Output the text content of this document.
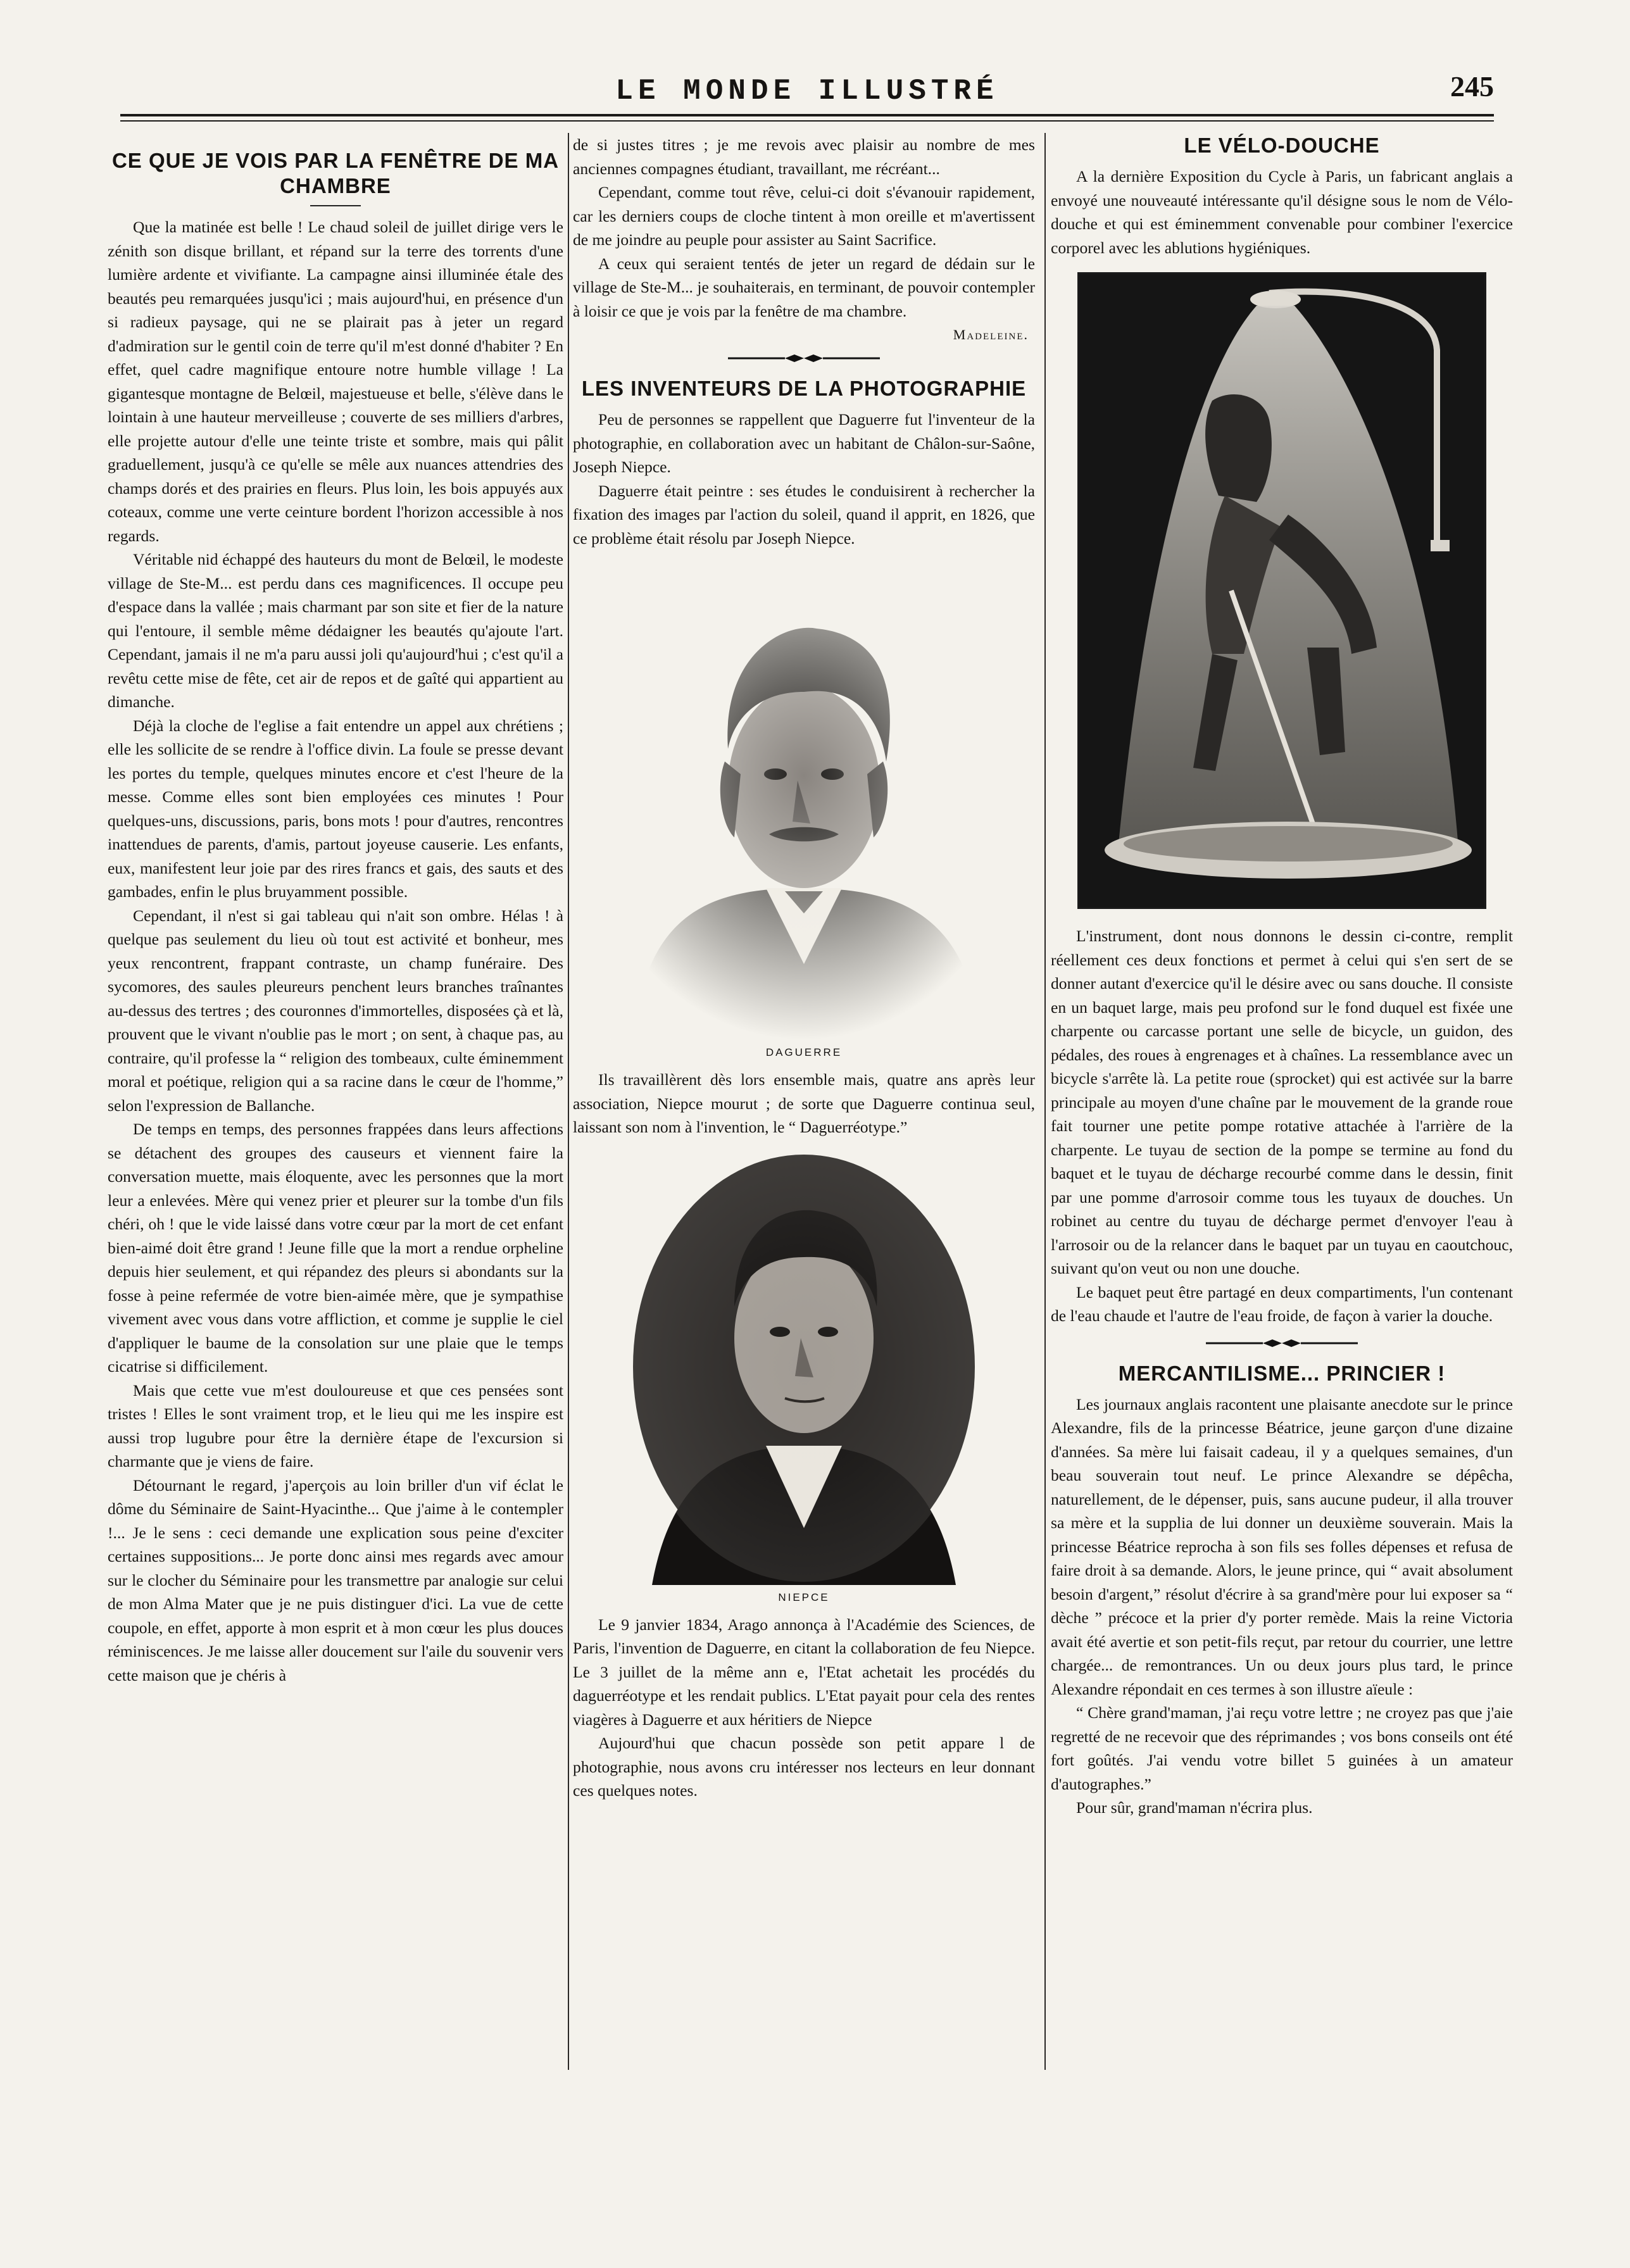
LE MONDE ILLUSTRÉ	245
CE QUE JE VOIS PAR LA FENÊTRE DE MA CHAMBRE

Que la matinée est belle ! Le chaud soleil de juillet dirige vers le zénith son disque brillant, et répand sur la terre des torrents d'une lumière ardente et vivifiante. La campagne ainsi illuminée étale des beautés peu remarquées jusqu'ici ; mais aujourd'hui, en présence d'un si radieux paysage, qui ne se plairait pas à jeter un regard d'admiration sur le gentil coin de terre qu'il m'est donné d'habiter ? En effet, quel cadre magnifique entoure notre humble village ! La gigantesque montagne de Belœil, majestueuse et belle, s'élève dans le lointain à une hauteur merveilleuse ; couverte de ses milliers d'arbres, elle projette autour d'elle une teinte triste et sombre, mais qui pâlit graduellement, jusqu'à ce qu'elle se mêle aux nuances attendries des champs dorés et des prairies en fleurs. Plus loin, les bois appuyés aux coteaux, comme une verte ceinture bordent l'horizon accessible à nos regards.

Véritable nid échappé des hauteurs du mont de Belœil, le modeste village de Ste-M... est perdu dans ces magnificences. Il occupe peu d'espace dans la vallée ; mais charmant par son site et fier de la nature qui l'entoure, il semble même dédaigner les beautés qu'ajoute l'art. Cependant, jamais il ne m'a paru aussi joli qu'aujourd'hui ; c'est qu'il a revêtu cette mise de fête, cet air de repos et de gaîté qui appartient au dimanche.

Déjà la cloche de l'eglise a fait entendre un appel aux chrétiens ; elle les sollicite de se rendre à l'office divin. La foule se presse devant les portes du temple, quelques minutes encore et c'est l'heure de la messe. Comme elles sont bien employées ces minutes ! Pour quelques-uns, discussions, paris, bons mots ! pour d'autres, rencontres inattendues de parents, d'amis, partout joyeuse causerie. Les enfants, eux, manifestent leur joie par des rires francs et gais, des sauts et des gambades, enfin le plus bruyamment possible.

Cependant, il n'est si gai tableau qui n'ait son ombre. Hélas ! à quelque pas seulement du lieu où tout est activité et bonheur, mes yeux rencontrent, frappant contraste, un champ funéraire. Des sycomores, des saules pleureurs penchent leurs branches traînantes au-dessus des tertres ; des couronnes d'immortelles, disposées çà et là, prouvent que le vivant n'oublie pas le mort ; on sent, à chaque pas, au contraire, qu'il professe la “ religion des tombeaux, culte éminemment moral et poétique, religion qui a sa racine dans le cœur de l'homme,” selon l'expression de Ballanche.

De temps en temps, des personnes frappées dans leurs affections se détachent des groupes des causeurs et viennent faire la conversation muette, mais éloquente, avec les personnes que la mort leur a enlevées. Mère qui venez prier et pleurer sur la tombe d'un fils chéri, oh ! que le vide laissé dans votre cœur par la mort de cet enfant bien-aimé doit être grand ! Jeune fille que la mort a rendue orpheline depuis hier seulement, et qui répandez des pleurs si abondants sur la fosse à peine refermée de votre bien-aimée mère, que je sympathise vivement avec vous dans votre affliction, et comme je supplie le ciel d'appliquer le baume de la consolation sur une plaie que le temps cicatrise si difficilement.

Mais que cette vue m'est douloureuse et que ces pensées sont tristes ! Elles le sont vraiment trop, et le lieu qui me les inspire est aussi trop lugubre pour être la dernière étape de l'excursion si charmante que je viens de faire.

Détournant le regard, j'aperçois au loin briller d'un vif éclat le dôme du Séminaire de Saint-Hyacinthe... Que j'aime à le contempler !... Je le sens : ceci demande une explication sous peine d'exciter certaines suppositions... Je porte donc ainsi mes regards avec amour sur le clocher du Séminaire pour les transmettre par analogie sur celui de mon Alma Mater que je ne puis distinguer d'ici. La vue de cette coupole, en effet, apporte à mon esprit et à mon cœur les plus douces réminiscences. Je me laisse aller doucement sur l'aile du souvenir vers cette maison que je chéris à

de si justes titres ; je me revois avec plaisir au nombre de mes anciennes compagnes étudiant, travaillant, me récréant...

Cependant, comme tout rêve, celui-ci doit s'évanouir rapidement, car les derniers coups de cloche tintent à mon oreille et m'avertissent de me joindre au peuple pour assister au Saint Sacrifice.

A ceux qui seraient tentés de jeter un regard de dédain sur le village de Ste-M... je souhaiterais, en terminant, de pouvoir contempler à loisir ce que je vois par la fenêtre de ma chambre.

Madeleine.
LES INVENTEURS DE LA PHOTOGRAPHIE

Peu de personnes se rappellent que Daguerre fut l'inventeur de la photographie, en collaboration avec un habitant de Châlon-sur-Saône, Joseph Niepce.

Daguerre était peintre : ses études le conduisirent à rechercher la fixation des images par l'action du soleil, quand il apprit, en 1826, que ce problème était résolu par Joseph Niepce.

DAGUERRE

Ils travaillèrent dès lors ensemble mais, quatre ans après leur association, Niepce mourut ; de sorte que Daguerre continua seul, laissant son nom à l'invention, le “ Daguerréotype.”

NIEPCE

Le 9 janvier 1834, Arago annonça à l'Académie des Sciences, de Paris, l'invention de Daguerre, en citant la collaboration de feu Niepce. Le 3 juillet de la même ann e, l'Etat achetait les procédés du daguerréotype et les rendait publics. L'Etat payait pour cela des rentes viagères à Daguerre et aux héritiers de Niepce

Aujourd'hui que chacun possède son petit appare l de photographie, nous avons cru intéresser nos lecteurs en leur donnant ces quelques notes.

LE VÉLO-DOUCHE

A la dernière Exposition du Cycle à Paris, un fabricant anglais a envoyé une nouveauté intéressante qu'il désigne sous le nom de Vélo-douche et qui est éminemment convenable pour combiner l'exercice corporel avec les ablutions hygiéniques.

L'instrument, dont nous donnons le dessin ci-contre, remplit réellement ces deux fonctions et permet à celui qui s'en sert de se donner autant d'exercice qu'il le désire avec ou sans douche. Il consiste en un baquet large, mais peu profond sur le fond duquel est fixée une charpente ou carcasse portant une selle de bicycle, un guidon, des pédales, des roues à engrenages et à chaînes. La ressemblance avec un bicycle s'arrête là. La petite roue (sprocket) qui est activée sur la barre principale au moyen d'une chaîne par le mouvement de la grande roue fait tourner une petite pompe rotative attachée à l'arrière de la charpente. Le tuyau de section de la pompe se termine au fond du baquet et le tuyau de décharge recourbé comme dans le dessin, finit par une pomme d'arrosoir comme tous les tuyaux de douches. Un robinet au centre du tuyau de décharge permet d'envoyer l'eau à l'arrosoir ou de la relancer dans le baquet par un tuyau en caoutchouc, suivant qu'on veut ou non une douche.

Le baquet peut être partagé en deux compartiments, l'un contenant de l'eau chaude et l'autre de l'eau froide, de façon à varier la douche.

MERCANTILISME... PRINCIER !

Les journaux anglais racontent une plaisante anecdote sur le prince Alexandre, fils de la princesse Béatrice, jeune garçon d'une dizaine d'années. Sa mère lui faisait cadeau, il y a quelques semaines, d'un beau souverain tout neuf. Le prince Alexandre se dépêcha, naturellement, de le dépenser, puis, sans aucune pudeur, il alla trouver sa mère et la supplia de lui donner un deuxième souverain. Mais la princesse Béatrice reprocha à son fils ses folles dépenses et refusa de faire droit à sa demande. Alors, le jeune prince, qui “ avait absolument besoin d'argent,” résolut d'écrire à sa grand'mère pour lui exposer sa “ dèche ” précoce et la prier d'y porter remède. Mais la reine Victoria avait été avertie et son petit-fils reçut, par retour du courrier, une lettre chargée... de remontrances. Un ou deux jours plus tard, le prince Alexandre répondait en ces termes à son illustre aïeule :

“ Chère grand'maman, j'ai reçu votre lettre ; ne croyez pas que j'aie regretté de ne recevoir que des réprimandes ; vos bons conseils ont été fort goûtés. J'ai vendu votre billet 5 guinées à un amateur d'autographes.”

Pour sûr, grand'maman n'écrira plus.
